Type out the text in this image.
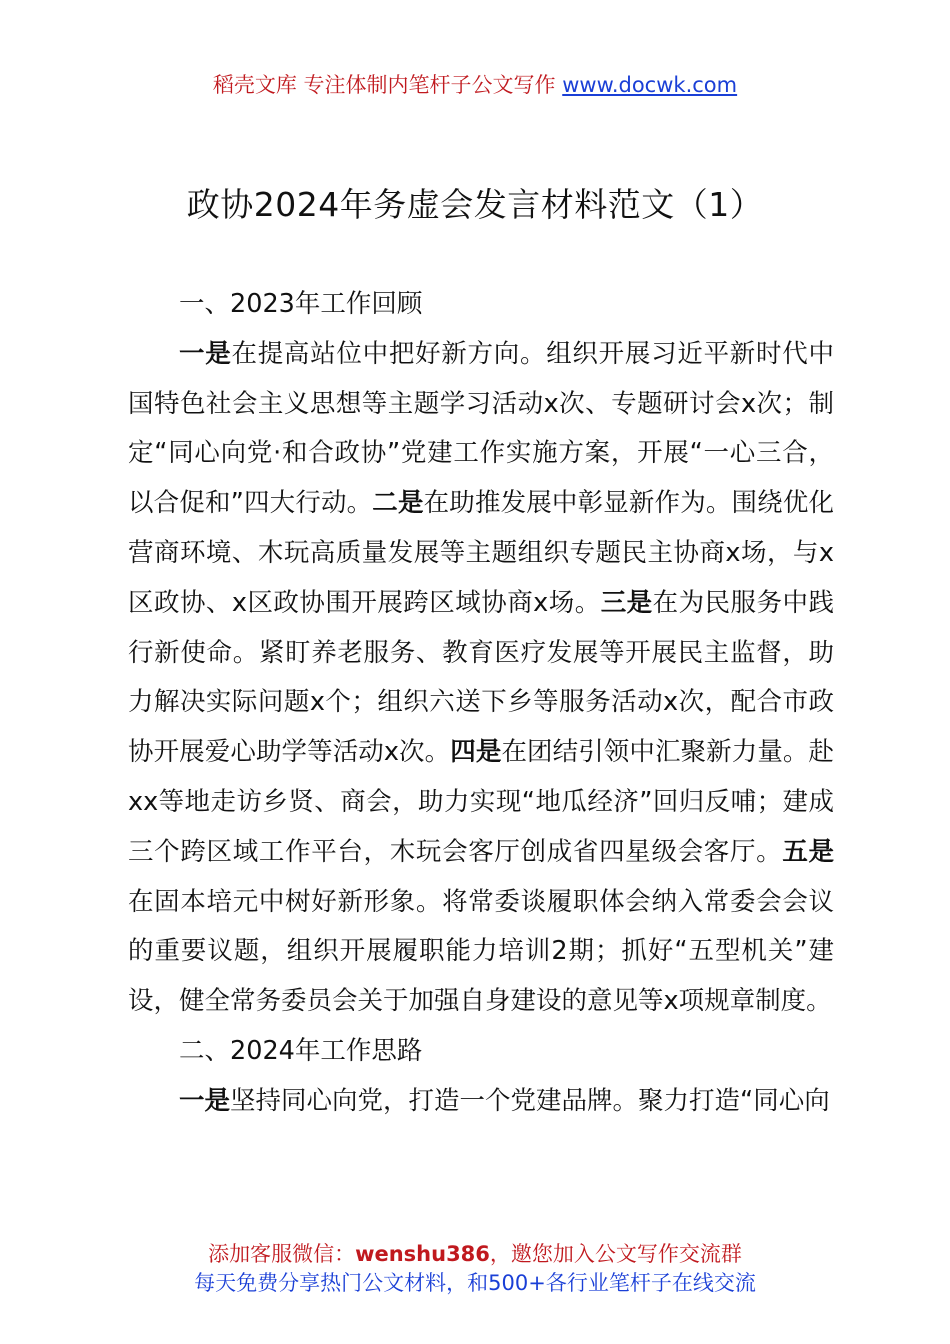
稻壳文库 专注体制内笔杆子公文写作 www.docwk.com
政协2024年务虚会发言材料范文（1）

一、2023年工作回顾

一是在提高站位中把好新方向。组织开展习近平新时代中国特色社会主义思想等主题学习活动x次、专题研讨会x次；制定“同心向党·和合政协”党建工作实施方案，开展“一心三合，以合促和”四大行动。二是在助推发展中彰显新作为。围绕优化营商环境、木玩高质量发展等主题组织专题民主协商x场，与x区政协、x区政协围开展跨区域协商x场。三是在为民服务中践行新使命。紧盯养老服务、教育医疗发展等开展民主监督，助力解决实际问题x个；组织六送下乡等服务活动x次，配合市政协开展爱心助学等活动x次。四是在团结引领中汇聚新力量。赴xx等地走访乡贤、商会，助力实现“地瓜经济”回归反哺；建成三个跨区域工作平台，木玩会客厅创成省四星级会客厅。五是在固本培元中树好新形象。将常委谈履职体会纳入常委会会议的重要议题，组织开展履职能力培训2期；抓好“五型机关”建设，健全常务委员会关于加强自身建设的意见等x项规章制度。

二、2024年工作思路

一是坚持同心向党，打造一个党建品牌。聚力打造“同心向

添加客服微信：wenshu386，邀您加入公文写作交流群
每天免费分享热门公文材料，和500+各行业笔杆子在线交流
